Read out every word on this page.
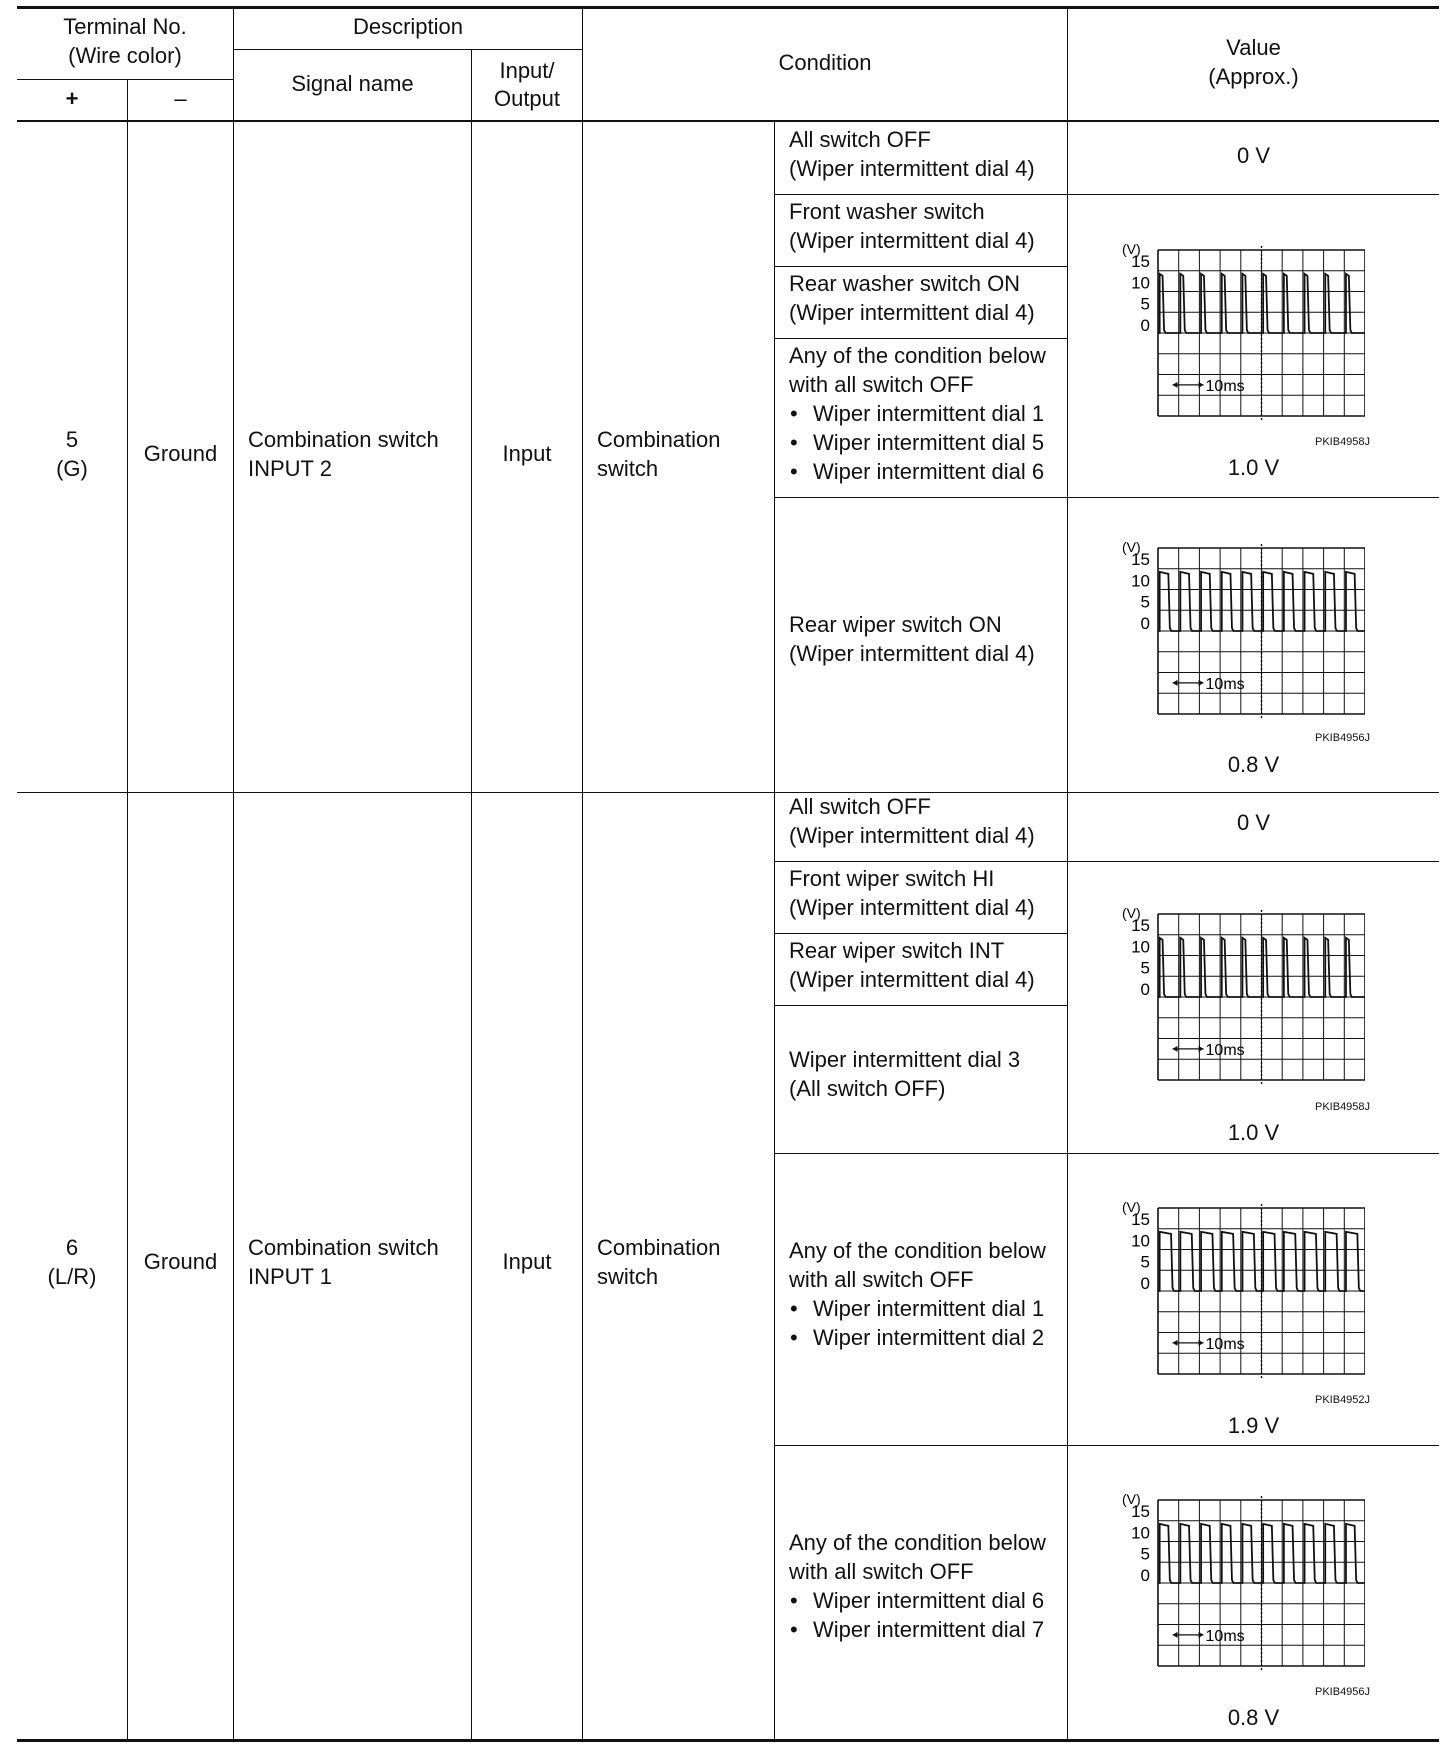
Terminal No.
(Wire color)
+	–
Description
Signal name
Input/
Output
Condition
Value
(Approx.)
5
(G)
Ground
Combination switch
INPUT 2
Input
Combination
switch
All switch OFF
(Wiper intermittent dial 4)
Front washer switch
(Wiper intermittent dial 4)
Rear washer switch ON
(Wiper intermittent dial 4)
Any of the condition below
with all switch OFF
• Wiper intermittent dial 1
• Wiper intermittent dial 5
• Wiper intermittent dial 6
Rear wiper switch ON
(Wiper intermittent dial 4)
0 V
(V)
15
10
5
0
10ms
PKIB4958J
1.0 V
(V)
15
10
5
0
10ms
PKIB4956J
0.8 V
6
(L/R)
Ground
Combination switch
INPUT 1
Input
Combination
switch
All switch OFF
(Wiper intermittent dial 4)
Front wiper switch HI
(Wiper intermittent dial 4)
Rear wiper switch INT
(Wiper intermittent dial 4)
Wiper intermittent dial 3
(All switch OFF)
Any of the condition below
with all switch OFF
• Wiper intermittent dial 1
• Wiper intermittent dial 2
Any of the condition below
with all switch OFF
• Wiper intermittent dial 6
• Wiper intermittent dial 7
0 V
(V)
15
10
5
0
10ms
PKIB4958J
1.0 V
(V)
15
10
5
0
10ms
PKIB4952J
1.9 V
(V)
15
10
5
0
10ms
PKIB4956J
0.8 V
